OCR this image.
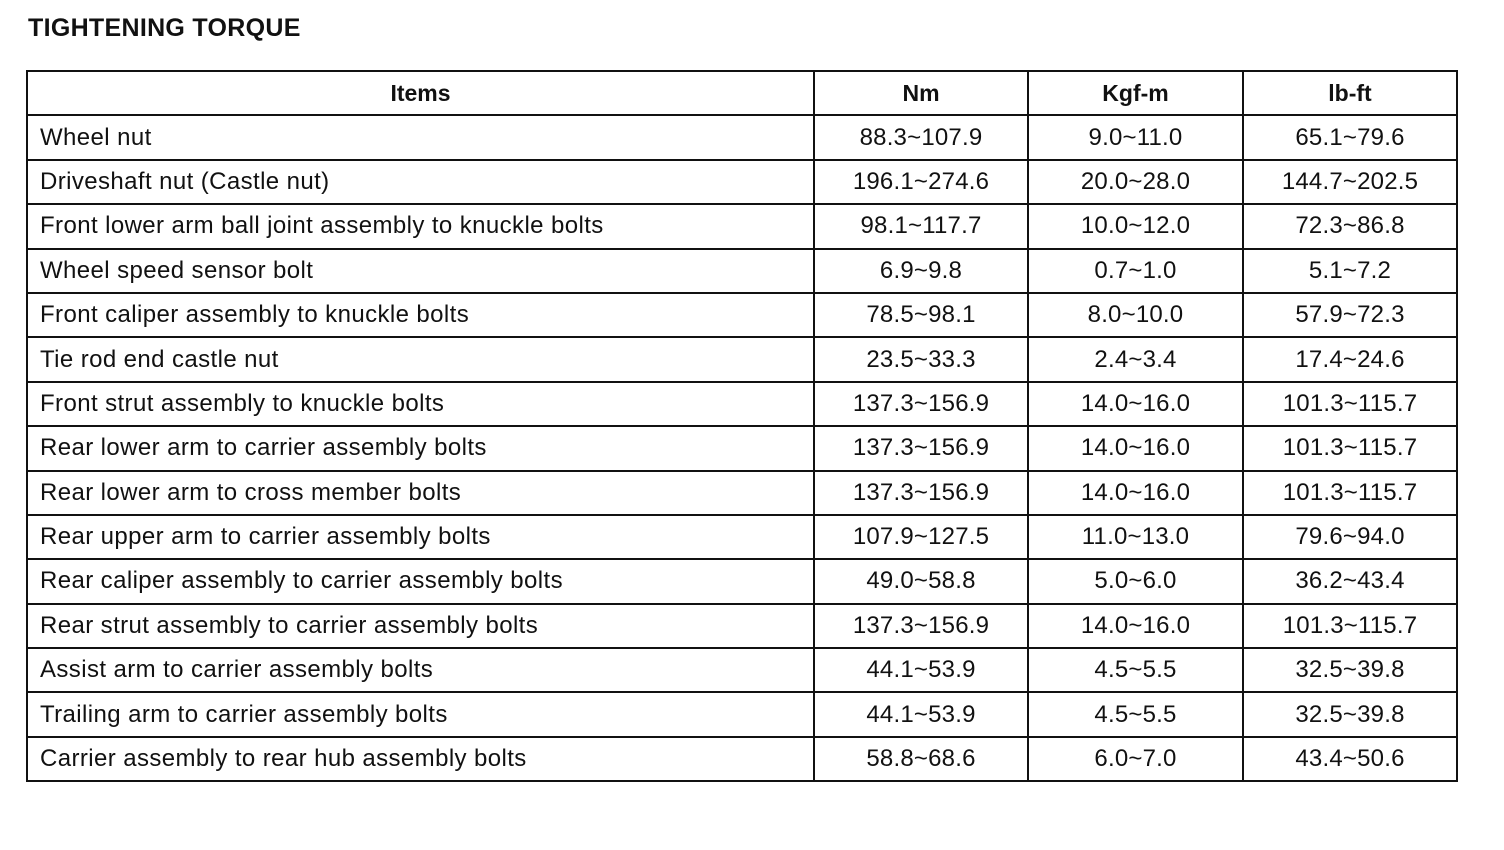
TIGHTENING TORQUE
Items	Nm	Kgf-m	lb-ft
Wheel nut	88.3~107.9	9.0~11.0	65.1~79.6
Driveshaft nut (Castle nut)	196.1~274.6	20.0~28.0	144.7~202.5
Front lower arm ball joint assembly to knuckle bolts	98.1~117.7	10.0~12.0	72.3~86.8
Wheel speed sensor bolt	6.9~9.8	0.7~1.0	5.1~7.2
Front caliper assembly to knuckle bolts	78.5~98.1	8.0~10.0	57.9~72.3
Tie rod end castle nut	23.5~33.3	2.4~3.4	17.4~24.6
Front strut assembly to knuckle bolts	137.3~156.9	14.0~16.0	101.3~115.7
Rear lower arm to carrier assembly bolts	137.3~156.9	14.0~16.0	101.3~115.7
Rear lower arm to cross member bolts	137.3~156.9	14.0~16.0	101.3~115.7
Rear upper arm to carrier assembly bolts	107.9~127.5	11.0~13.0	79.6~94.0
Rear caliper assembly to carrier assembly bolts	49.0~58.8	5.0~6.0	36.2~43.4
Rear strut assembly to carrier assembly bolts	137.3~156.9	14.0~16.0	101.3~115.7
Assist arm to carrier assembly bolts	44.1~53.9	4.5~5.5	32.5~39.8
Trailing arm to carrier assembly bolts	44.1~53.9	4.5~5.5	32.5~39.8
Carrier assembly to rear hub assembly bolts	58.8~68.6	6.0~7.0	43.4~50.6
